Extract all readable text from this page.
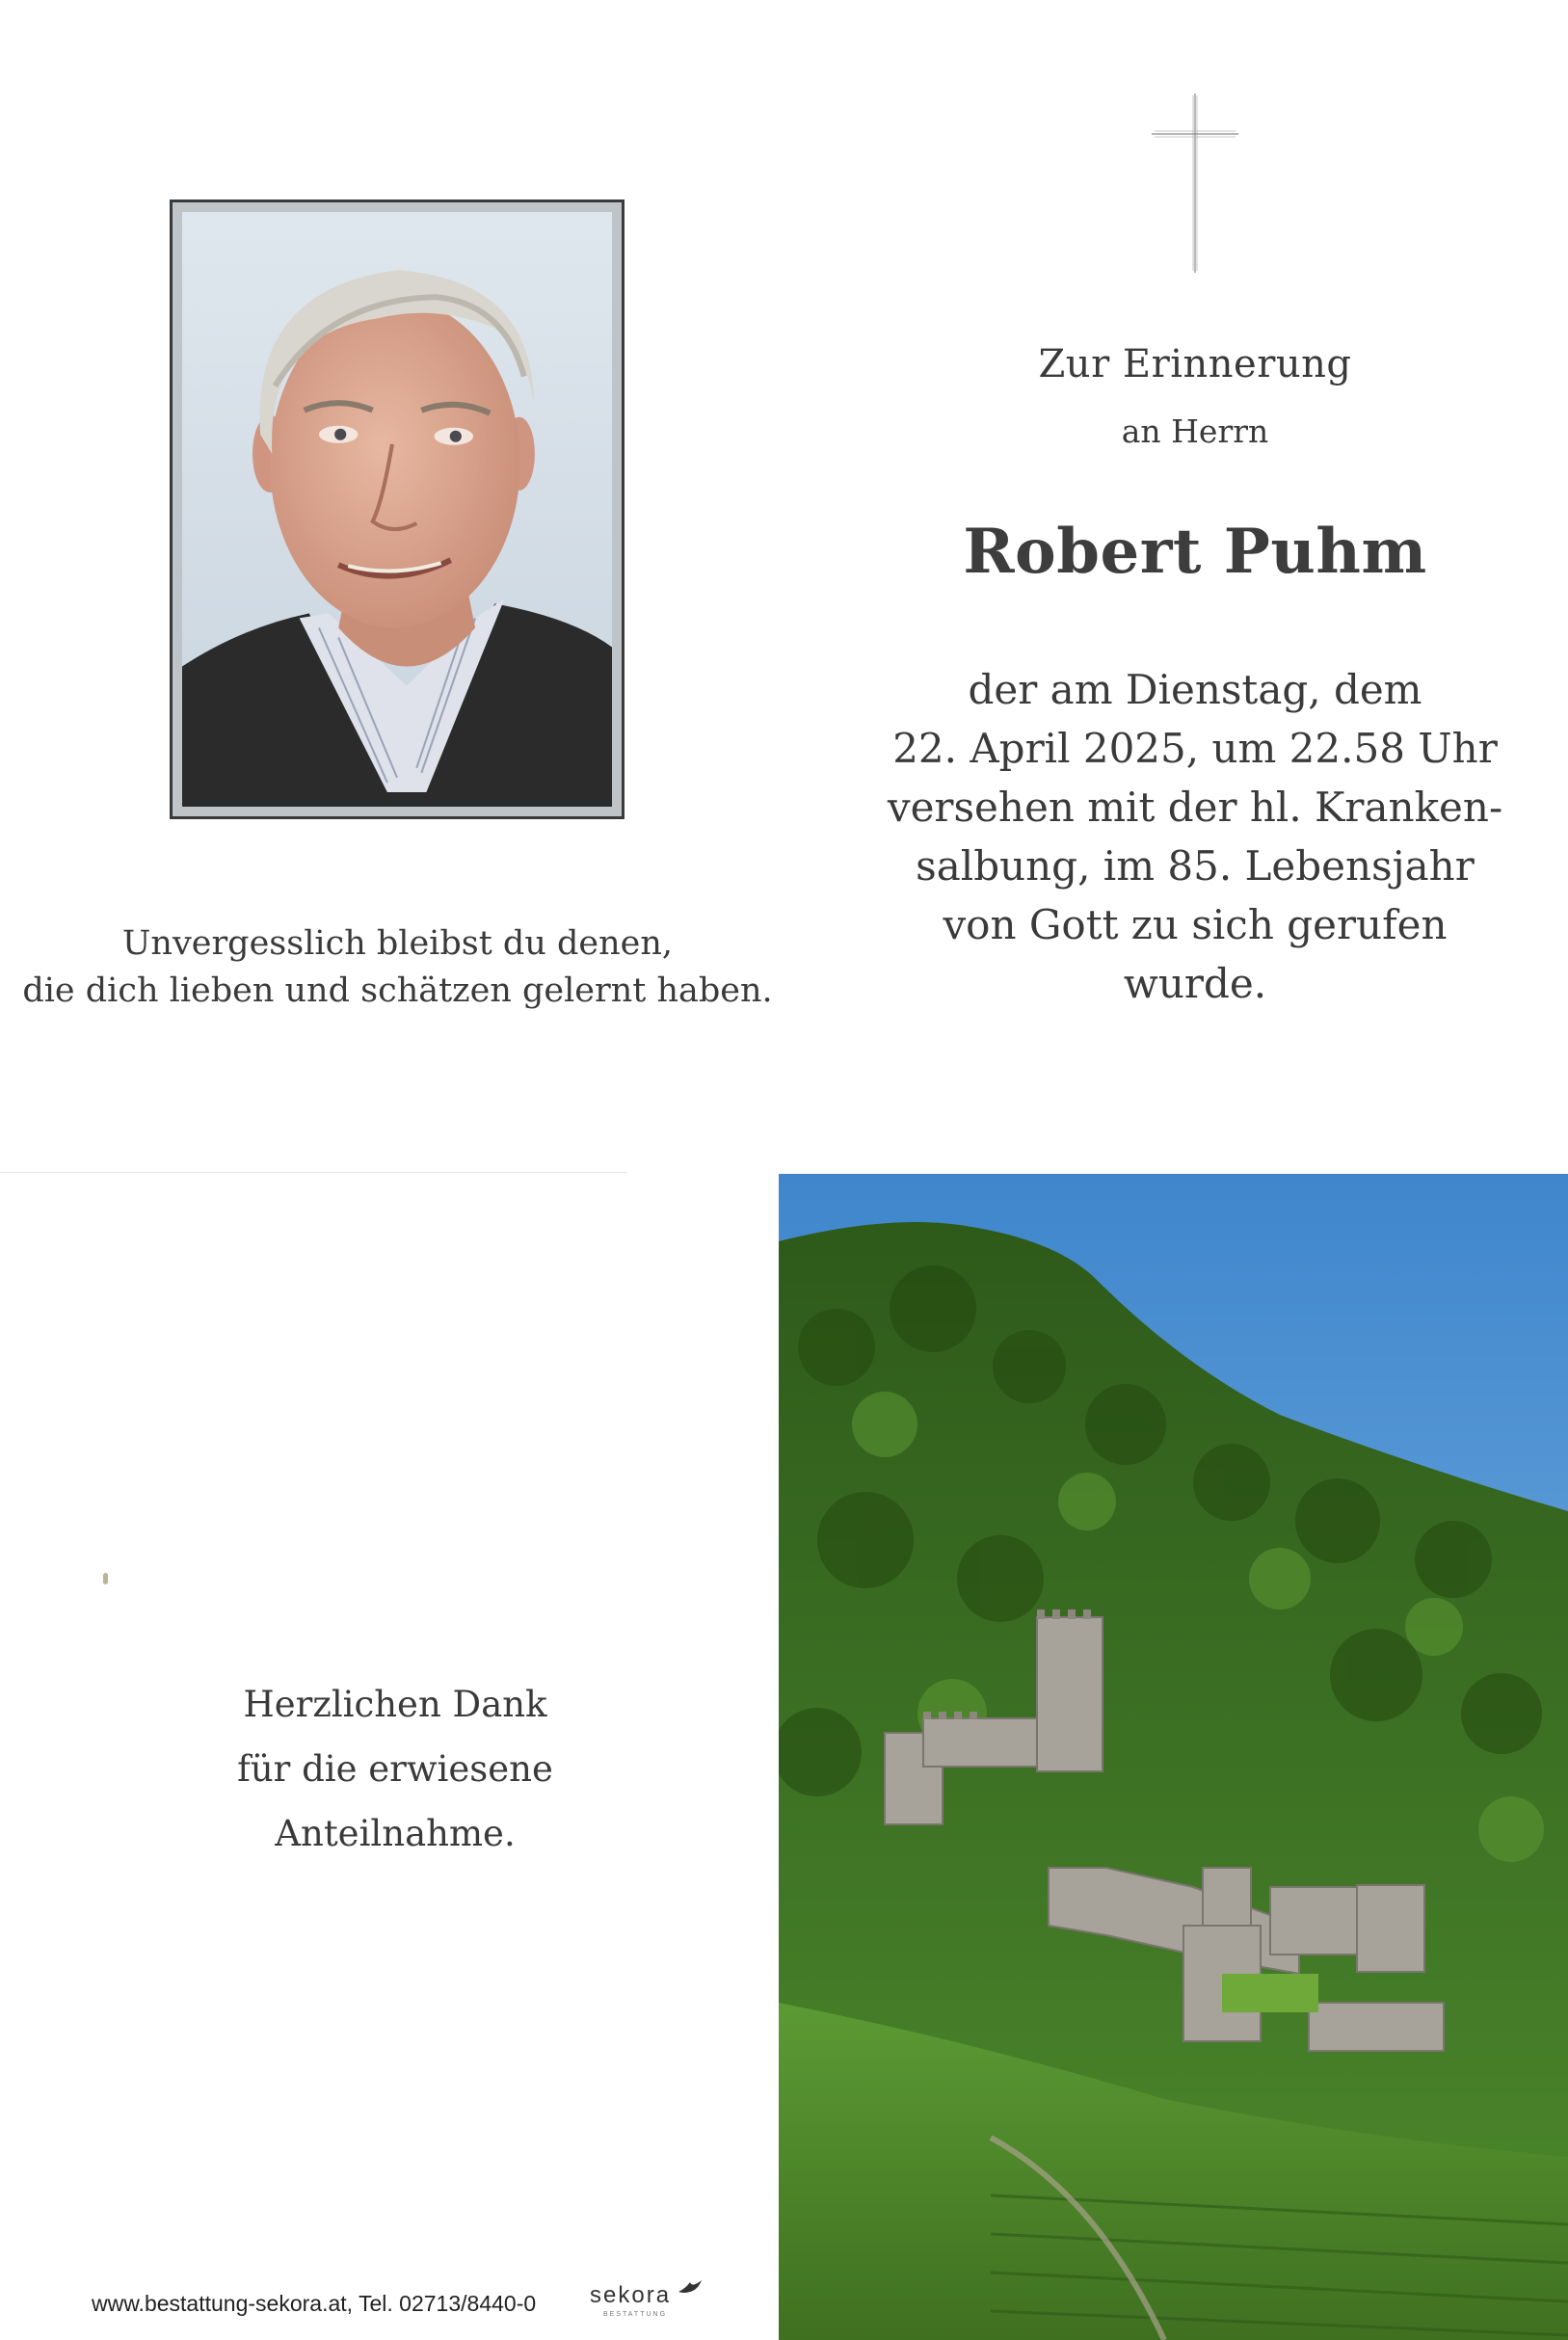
Zur Erinnerung
an Herrn
Robert Puhm
der am Dienstag, dem
22. April 2025, um 22.58 Uhr
versehen mit der hl. Kranken-
salbung, im 85. Lebensjahr
von Gott zu sich gerufen
wurde.
Unvergesslich bleibst du denen,
die dich lieben und schätzen gelernt haben.
Herzlichen Dank
für die erwiesene
Anteilnahme.
www.bestattung-sekora.at, Tel. 02713/8440-0 sekora
BESTATTUNG
